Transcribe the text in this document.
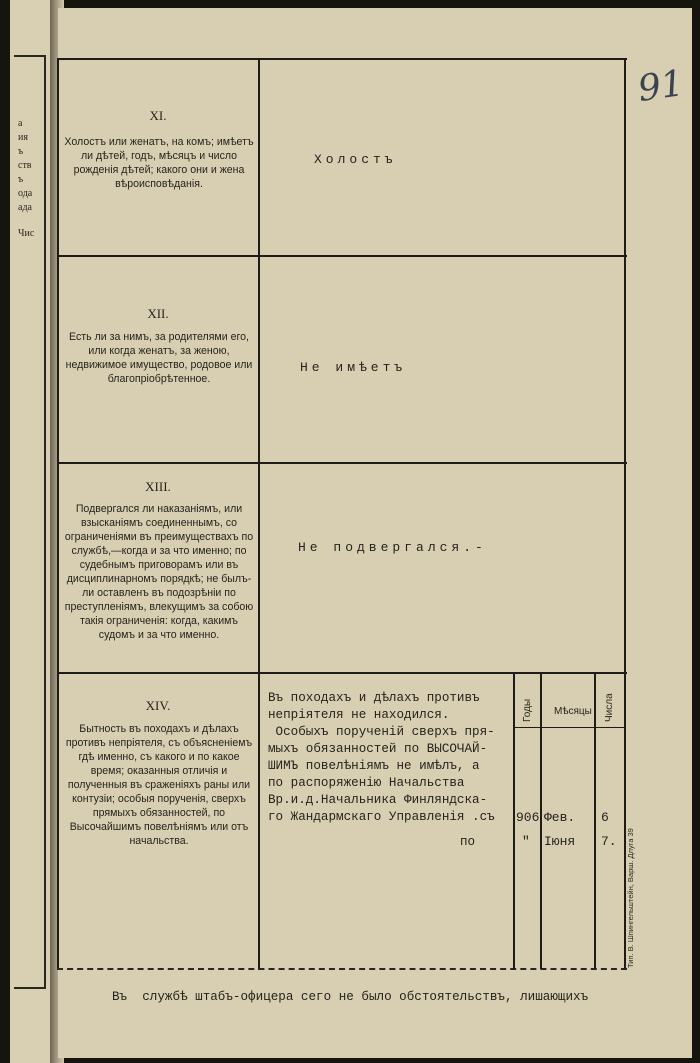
а
ия
ъ
ств
ъ
ода
ада
Чис
91
XI.
Холостъ или женатъ, на комъ; имѣетъ ли дѣтей, годъ, мѣсяцъ и число рожденія дѣтей; какого они и жена вѣроисповѣданія.
Холостъ
XII.
Есть ли за нимъ, за родителями его, или когда женатъ, за женою, недвижимое имущество, родовое или благопріобрѣтенное.
Не имѣетъ
XIII.
Подвергался ли наказаніямъ, или взысканіямъ соединеннымъ, со ограниченіями въ преимуществахъ по службѣ,—когда и за что именно; по судебнымъ приговорамъ или въ дисциплинарномъ порядкѣ; не былъ-ли оставленъ въ подозрѣніи по преступленіямъ, влекущимъ за собою такія ограниченія: когда, какимъ судомъ и за что именно.
Не подвергался.-
XIV.
Бытность въ походахъ и дѣлахъ противъ непріятеля, съ объясненіемъ гдѣ именно, съ какого и по какое время; оказанныя отличія и полученныя въ сраженіяхъ раны или контузіи; особыя порученія, сверхъ прямыхъ обязанностей, по Высочайшимъ повелѣніямъ или отъ начальства.
Въ походахъ и дѣлахъ противъ
непріятеля не находился.
Особыхъ порученій сверхъ пря-
мыхъ обязанностей по ВЫСОЧАЙ-
ШИМЪ повелѣніямъ не имѣлъ, а
по распоряженію Начальства
Вр.и.д.Начальника Финляндска-
го Жандармскаго Управленія .съ
по
Годы Мѣсяцы Числа
906 Фев. 6
" Іюня 7. Тип. В. Шпингельштейн, Варш. Длуга 39
Въ  службѣ штабъ-офицера сего не было обстоятельствъ, лишающихъ
